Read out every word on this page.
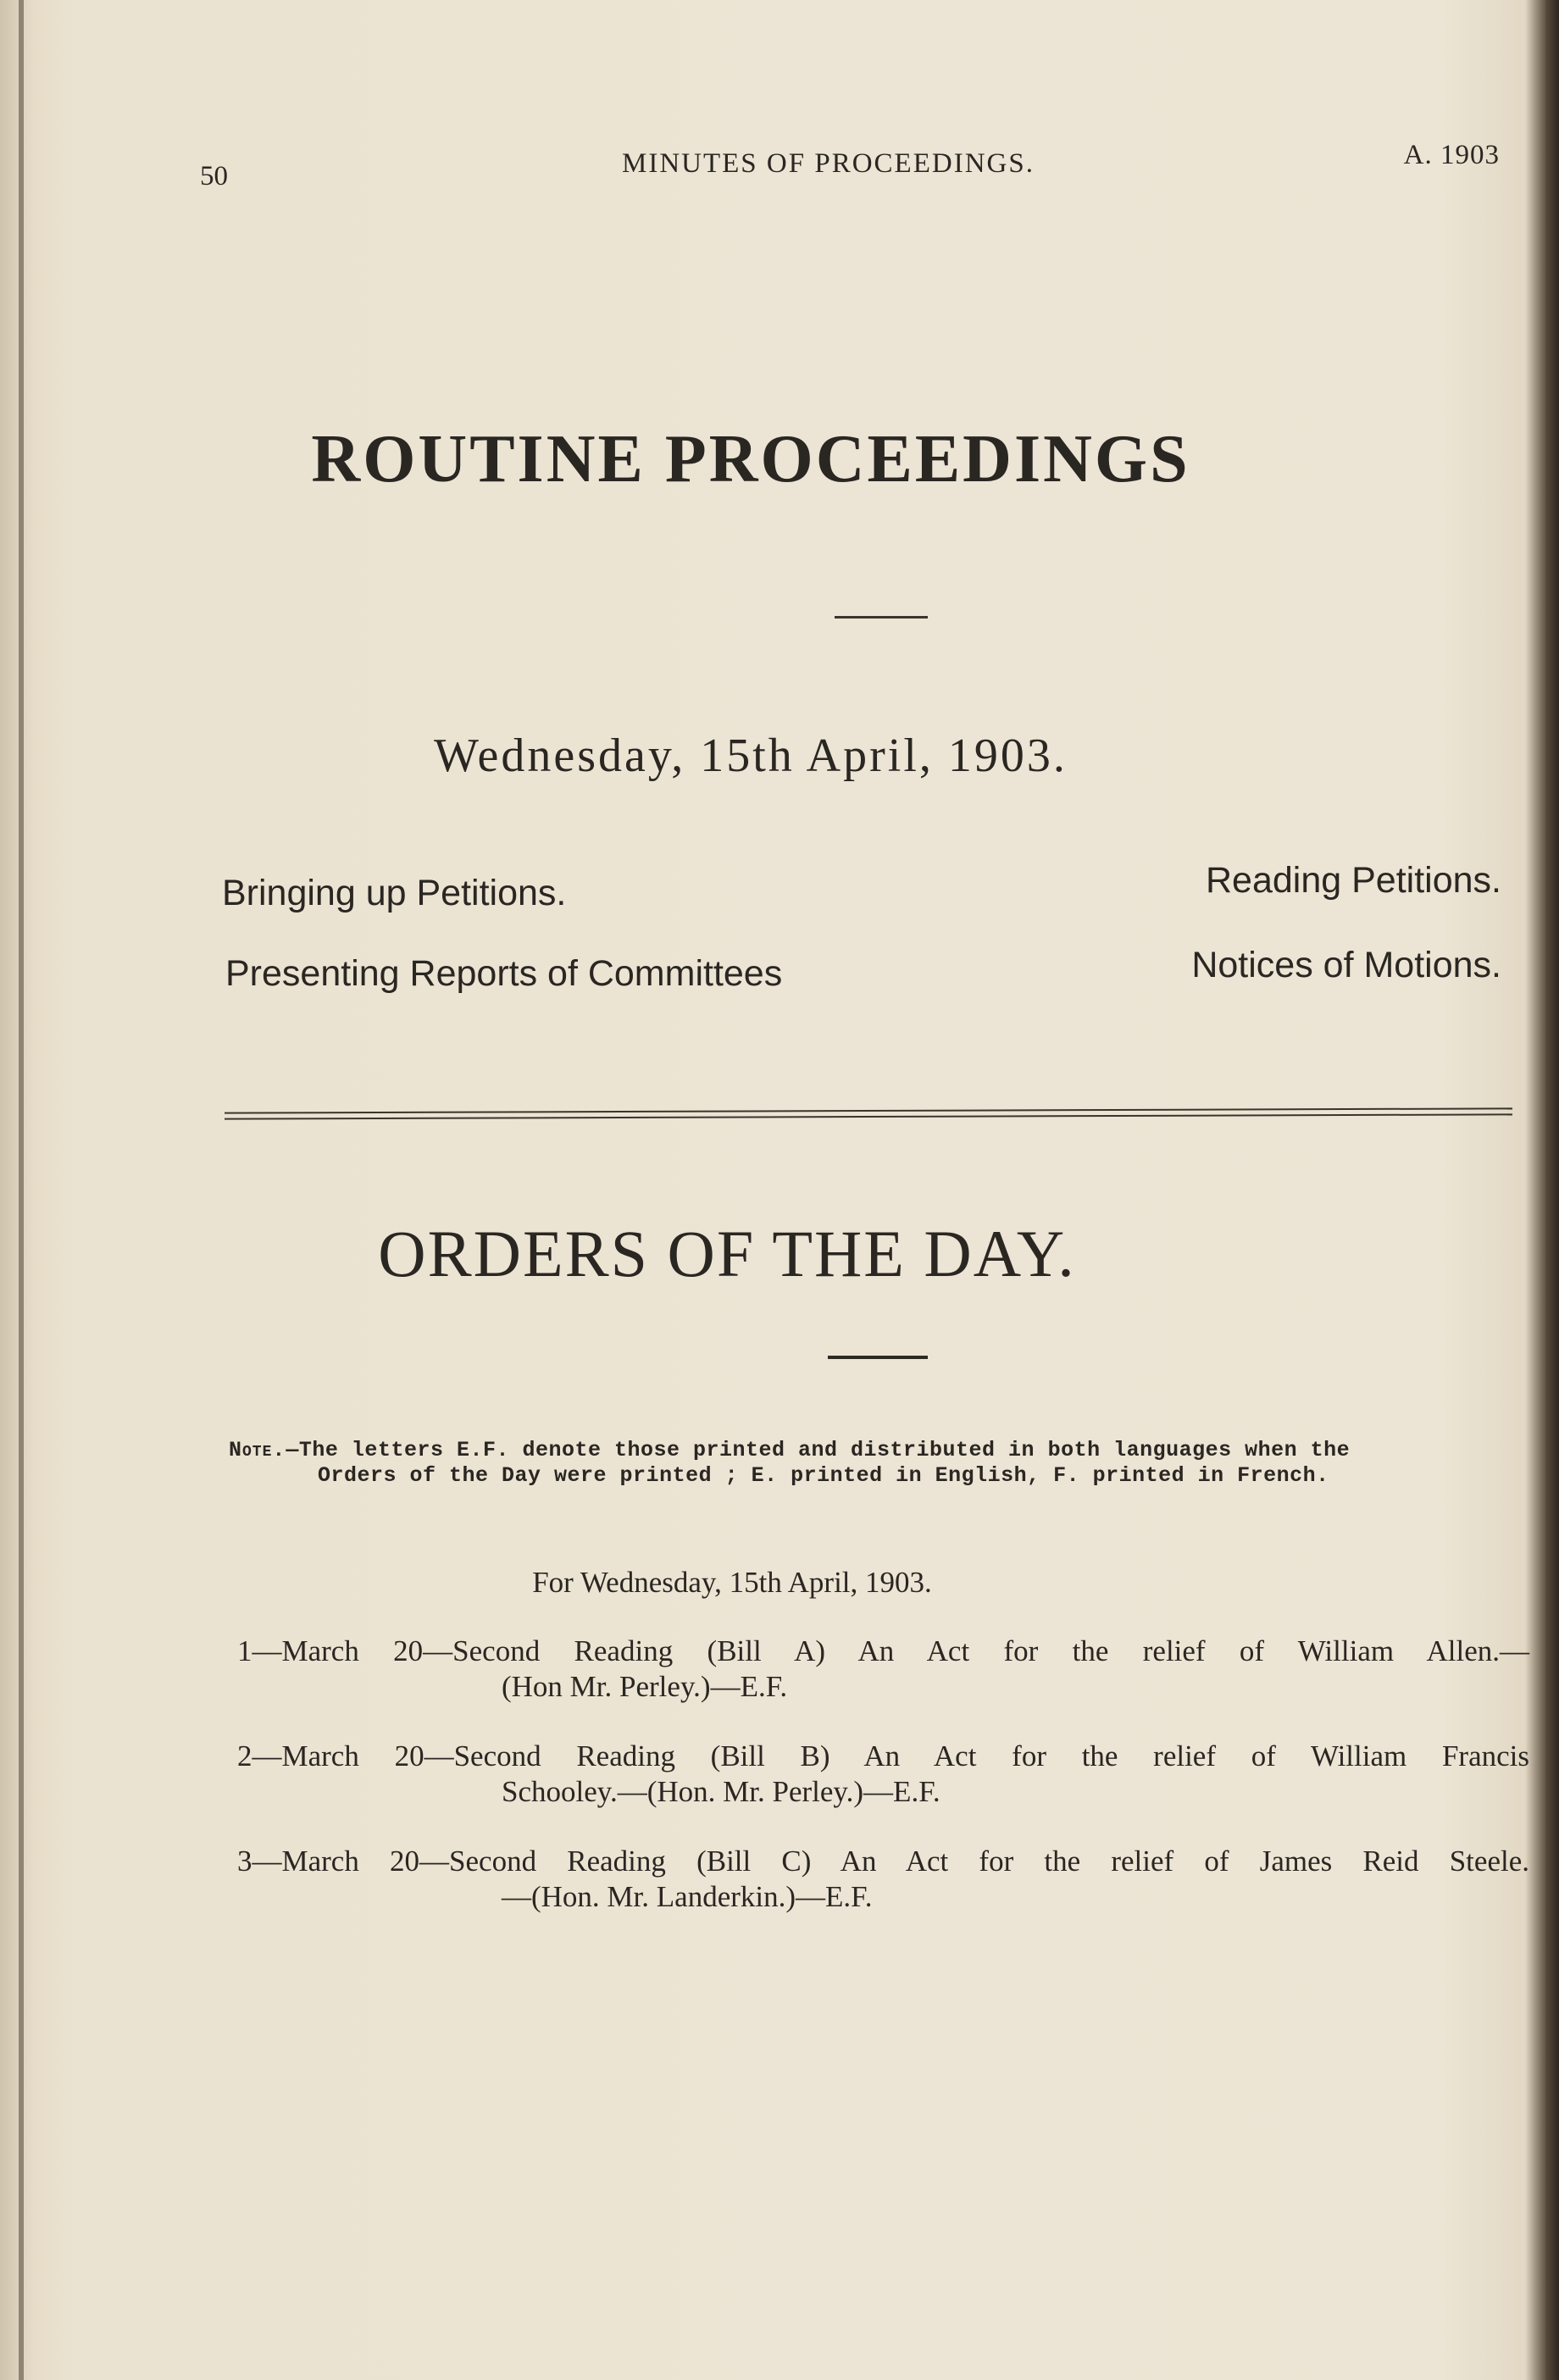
50	MINUTES OF PROCEEDINGS.	A. 1903
ROUTINE PROCEEDINGS
Wednesday, 15th April, 1903.
Bringing up Petitions.	Reading Petitions.
Presenting Reports of Committees	Notices of Motions.
ORDERS OF THE DAY.
Note.—The letters E.F. denote those printed and distributed in both languages when the
Orders of the Day were printed ; E. printed in English, F. printed in French.
For Wednesday, 15th April, 1903.
1—March 20—Second Reading (Bill A) An Act for the relief of William Allen.—
(Hon Mr. Perley.)—E.F.
2—March 20—Second Reading (Bill B) An Act for the relief of William Francis
Schooley.—(Hon. Mr. Perley.)—E.F.
3—March 20—Second Reading (Bill C) An Act for the relief of James Reid Steele.
—(Hon. Mr. Landerkin.)—E.F.
